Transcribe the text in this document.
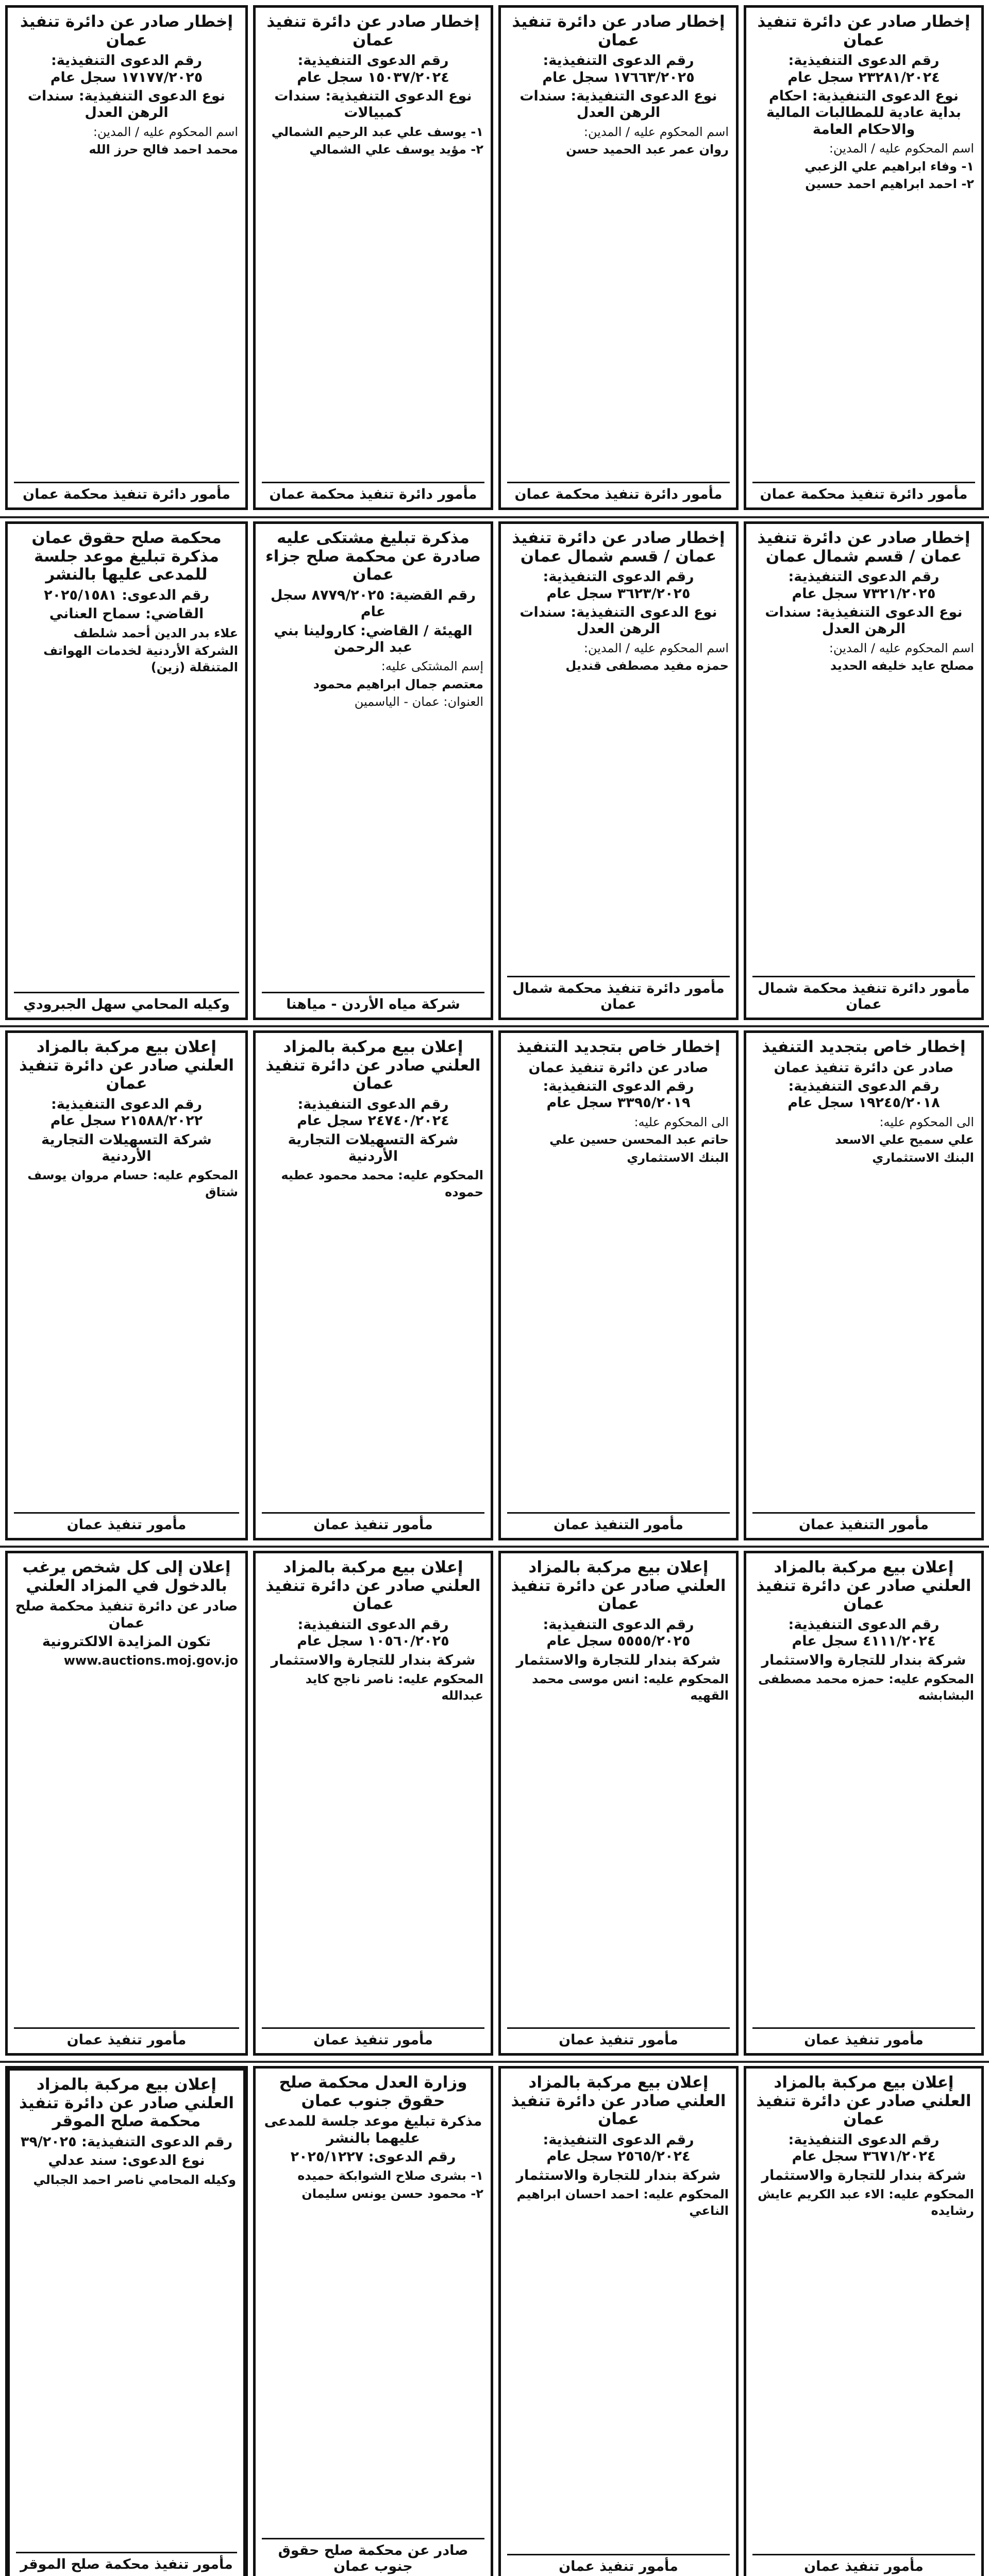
إخطار صادر عن دائرة تنفيذ عمان
رقم الدعوى التنفيذية: ٢٣٢٨١/٢٠٢٤ سجل عام
نوع الدعوى التنفيذية: احكام بداية عادية للمطالبات المالية والاحكام العامة
اسم المحكوم عليه / المدين:
١- وفاء ابراهيم علي الزعبي
٢- احمد ابراهيم احمد حسين
مأمور دائرة تنفيذ محكمة عمان
إخطار صادر عن دائرة تنفيذ عمان
رقم الدعوى التنفيذية: ١٧٦٦٣/٢٠٢٥ سجل عام
نوع الدعوى التنفيذية: سندات الرهن العدل
اسم المحكوم عليه / المدين:
روان عمر عبد الحميد حسن
مأمور دائرة تنفيذ محكمة عمان
إخطار صادر عن دائرة تنفيذ عمان
رقم الدعوى التنفيذية: ١٥٠٣٧/٢٠٢٤ سجل عام
نوع الدعوى التنفيذية: سندات كمبيالات
١- يوسف علي عبد الرحيم الشمالي
٢- مؤيد يوسف علي الشمالي
مأمور دائرة تنفيذ محكمة عمان
إخطار صادر عن دائرة تنفيذ عمان
رقم الدعوى التنفيذية: ١٧١٧٧/٢٠٢٥ سجل عام
نوع الدعوى التنفيذية: سندات الرهن العدل
اسم المحكوم عليه / المدين:
محمد احمد فالح حرز الله
مأمور دائرة تنفيذ محكمة عمان
إخطار صادر عن دائرة تنفيذ عمان / قسم شمال عمان
رقم الدعوى التنفيذية: ٧٣٢١/٢٠٢٥ سجل عام
نوع الدعوى التنفيذية: سندات الرهن العدل
اسم المحكوم عليه / المدين:
مصلح عايد خليفه الحديد
مأمور دائرة تنفيذ محكمة شمال عمان
إخطار صادر عن دائرة تنفيذ عمان / قسم شمال عمان
رقم الدعوى التنفيذية: ٣٦٢٣/٢٠٢٥ سجل عام
نوع الدعوى التنفيذية: سندات الرهن العدل
اسم المحكوم عليه / المدين:
حمزه مفيد مصطفى قنديل
مأمور دائرة تنفيذ محكمة شمال عمان
مذكرة تبليغ مشتكى عليه صادرة عن محكمة صلح جزاء عمان
رقم القضية: ٨٧٧٩/٢٠٢٥ سجل عام
الهيئة / القاضي: كارولينا بني عبد الرحمن
إسم المشتكى عليه:
معتصم جمال ابراهيم محمود
العنوان: عمان - الياسمين
شركة مياه الأردن - مياهنا
محكمة صلح حقوق عمان مذكرة تبليغ موعد جلسة للمدعى عليها بالنشر
رقم الدعوى: ٢٠٢٥/١٥٨١
القاضي: سماح العناني
علاء بدر الدين أحمد شلطف
الشركة الأردنية لخدمات الهواتف المتنقلة (زين)
وكيله المحامي سهل الجبرودي
إخطار خاص بتجديد التنفيذ
صادر عن دائرة تنفيذ عمان
رقم الدعوى التنفيذية: ١٩٢٤٥/٢٠١٨ سجل عام
الى المحكوم عليه:
علي سميح علي الاسعد
البنك الاستثماري
مأمور التنفيذ عمان
إخطار خاص بتجديد التنفيذ
صادر عن دائرة تنفيذ عمان
رقم الدعوى التنفيذية: ٣٣٩٥/٢٠١٩ سجل عام
الى المحكوم عليه:
حاتم عبد المحسن حسين علي
البنك الاستثماري
مأمور التنفيذ عمان
إعلان بيع مركبة بالمزاد العلني صادر عن دائرة تنفيذ عمان
رقم الدعوى التنفيذية: ٢٤٧٤٠/٢٠٢٤ سجل عام
شركة التسهيلات التجارية الأردنية
المحكوم عليه: محمد محمود عطيه حموده
مأمور تنفيذ عمان
إعلان بيع مركبة بالمزاد العلني صادر عن دائرة تنفيذ عمان
رقم الدعوى التنفيذية: ٢١٥٨٨/٢٠٢٢ سجل عام
شركة التسهيلات التجارية الأردنية
المحكوم عليه: حسام مروان يوسف شتاق
مأمور تنفيذ عمان
إعلان بيع مركبة بالمزاد العلني صادر عن دائرة تنفيذ عمان
رقم الدعوى التنفيذية: ٤١١١/٢٠٢٤ سجل عام
شركة بندار للتجارة والاستثمار
المحكوم عليه: حمزه محمد مصطفى البشابشه
مأمور تنفيذ عمان
إعلان بيع مركبة بالمزاد العلني صادر عن دائرة تنفيذ عمان
رقم الدعوى التنفيذية: ٥٥٥٥/٢٠٢٥ سجل عام
شركة بندار للتجارة والاستثمار
المحكوم عليه: انس موسى محمد القهيه
مأمور تنفيذ عمان
إعلان بيع مركبة بالمزاد العلني صادر عن دائرة تنفيذ عمان
رقم الدعوى التنفيذية: ١٠٥٦٠/٢٠٢٥ سجل عام
شركة بندار للتجارة والاستثمار
المحكوم عليه: ناصر ناجح كايد عبدالله
مأمور تنفيذ عمان
إعلان إلى كل شخص يرغب بالدخول في المزاد العلني
صادر عن دائرة تنفيذ محكمة صلح عمان
تكون المزايدة الالكترونية
www.auctions.moj.gov.jo
مأمور تنفيذ عمان
إعلان بيع مركبة بالمزاد العلني صادر عن دائرة تنفيذ عمان
رقم الدعوى التنفيذية: ٣٦٧١/٢٠٢٤ سجل عام
شركة بندار للتجارة والاستثمار
المحكوم عليه: الاء عبد الكريم عايش رشايده
مأمور تنفيذ عمان
إعلان بيع مركبة بالمزاد العلني صادر عن دائرة تنفيذ عمان
رقم الدعوى التنفيذية: ٢٥٦٥/٢٠٢٤ سجل عام
شركة بندار للتجارة والاستثمار
المحكوم عليه: احمد احسان ابراهيم الناعي
مأمور تنفيذ عمان
وزارة العدل محكمة صلح حقوق جنوب عمان
مذكرة تبليغ موعد جلسة للمدعى عليهما بالنشر
رقم الدعوى: ٢٠٢٥/١٢٢٧
١- بشرى صلاح الشوابكة حميده
٢- محمود حسن يونس سليمان
صادر عن محكمة صلح حقوق جنوب عمان
إعلان بيع مركبة بالمزاد العلني صادر عن دائرة تنفيذ محكمة صلح الموقر
رقم الدعوى التنفيذية: ٣٩/٢٠٢٥
نوع الدعوى: سند عدلي
وكيله المحامي ناصر احمد الجبالي
مأمور تنفيذ محكمة صلح الموقر
